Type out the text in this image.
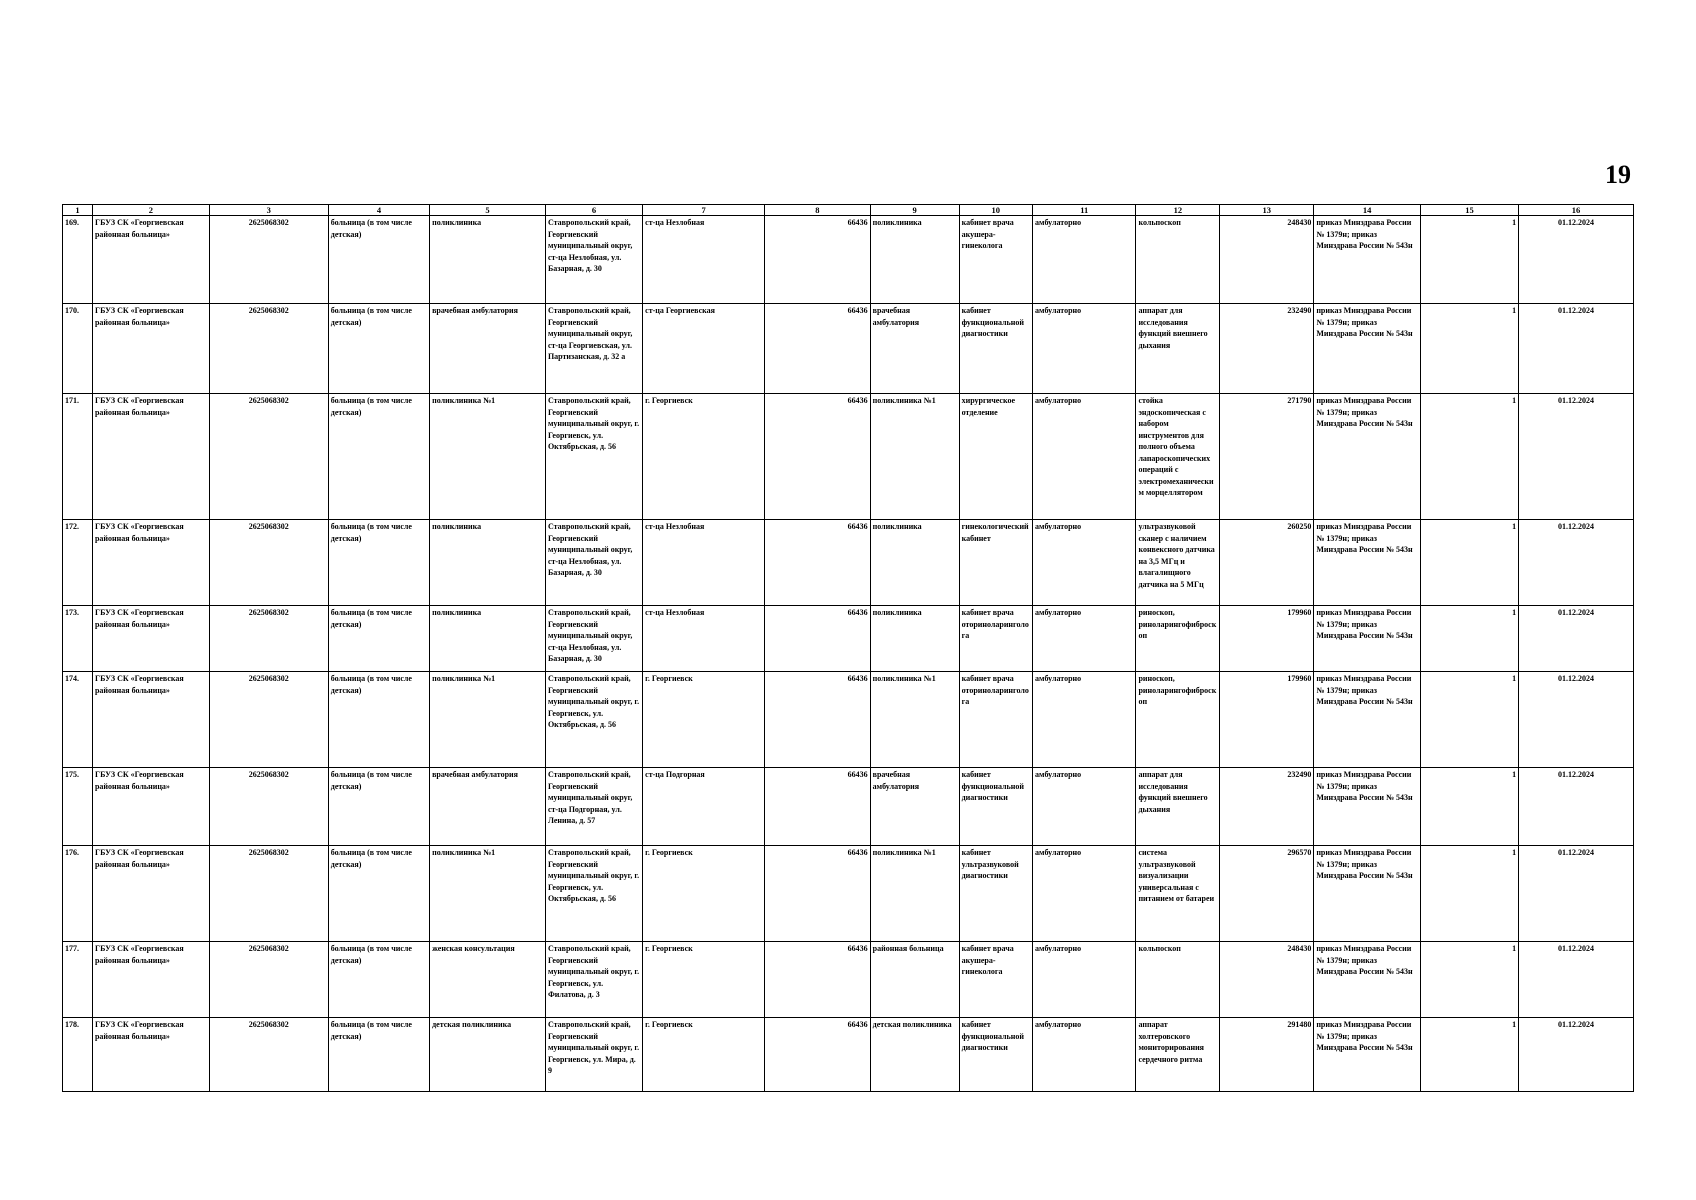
19
1	2	3	4	5	6	7	8	9	10	11	12	13	14	15	16
169.	ГБУЗ СК «Георгиевская районная больница»	2625068302	больница (в том числе детская)	поликлиника	Ставропольский край, Георгиевский муниципальный округ, ст-ца Незлобная, ул. Базарная, д. 30	ст-ца Незлобная	66436	поликлиника	кабинет врача акушера-гинеколога	амбулаторно	кольпоскоп	248430	приказ Минздрава России № 1379н; приказ Минздрава России № 543н	1	01.12.2024
170.	ГБУЗ СК «Георгиевская районная больница»	2625068302	больница (в том числе детская)	врачебная амбулатория	Ставропольский край, Георгиевский муниципальный округ, ст-ца Георгиевская, ул. Партизанская, д. 32 а	ст-ца Георгиевская	66436	врачебная амбулатория	кабинет функциональной диагностики	амбулаторно	аппарат для исследования функций внешнего дыхания	232490	приказ Минздрава России № 1379н; приказ Минздрава России № 543н	1	01.12.2024
171.	ГБУЗ СК «Георгиевская районная больница»	2625068302	больница (в том числе детская)	поликлиника №1	Ставропольский край, Георгиевский муниципальный округ, г. Георгиевск, ул. Октябрьская, д. 56	г. Георгиевск	66436	поликлиника №1	хирургическое отделение	амбулаторно	стойка эндоскопическая с набором инструментов для полного объема лапароскопических операций с электромеханическим морцеллятором	271790	приказ Минздрава России № 1379н; приказ Минздрава России № 543н	1	01.12.2024
172.	ГБУЗ СК «Георгиевская районная больница»	2625068302	больница (в том числе детская)	поликлиника	Ставропольский край, Георгиевский муниципальный округ, ст-ца Незлобная, ул. Базарная, д. 30	ст-ца Незлобная	66436	поликлиника	гинекологический кабинет	амбулаторно	ультразвуковой сканер с наличием конвексного датчика на 3,5 МГц и влагалищного датчика на 5 МГц	260250	приказ Минздрава России № 1379н; приказ Минздрава России № 543н	1	01.12.2024
173.	ГБУЗ СК «Георгиевская районная больница»	2625068302	больница (в том числе детская)	поликлиника	Ставропольский край, Георгиевский муниципальный округ, ст-ца Незлобная, ул. Базарная, д. 30	ст-ца Незлобная	66436	поликлиника	кабинет врача оториноларинголога	амбулаторно	риноскоп, риноларингофиброскоп	179960	приказ Минздрава России № 1379н; приказ Минздрава России № 543н	1	01.12.2024
174.	ГБУЗ СК «Георгиевская районная больница»	2625068302	больница (в том числе детская)	поликлиника №1	Ставропольский край, Георгиевский муниципальный округ, г. Георгиевск, ул. Октябрьская, д. 56	г. Георгиевск	66436	поликлиника №1	кабинет врача оториноларинголога	амбулаторно	риноскоп, риноларингофиброскоп	179960	приказ Минздрава России № 1379н; приказ Минздрава России № 543н	1	01.12.2024
175.	ГБУЗ СК «Георгиевская районная больница»	2625068302	больница (в том числе детская)	врачебная амбулатория	Ставропольский край, Георгиевский муниципальный округ, ст-ца Подгорная, ул. Ленина, д. 57	ст-ца Подгорная	66436	врачебная амбулатория	кабинет функциональной диагностики	амбулаторно	аппарат для исследования функций внешнего дыхания	232490	приказ Минздрава России № 1379н; приказ Минздрава России № 543н	1	01.12.2024
176.	ГБУЗ СК «Георгиевская районная больница»	2625068302	больница (в том числе детская)	поликлиника №1	Ставропольский край, Георгиевский муниципальный округ, г. Георгиевск, ул. Октябрьская, д. 56	г. Георгиевск	66436	поликлиника №1	кабинет ультразвуковой диагностики	амбулаторно	система ультразвуковой визуализации универсальная с питанием от батареи	296570	приказ Минздрава России № 1379н; приказ Минздрава России № 543н	1	01.12.2024
177.	ГБУЗ СК «Георгиевская районная больница»	2625068302	больница (в том числе детская)	женская консультация	Ставропольский край, Георгиевский муниципальный округ, г. Георгиевск, ул. Филатова, д. 3	г. Георгиевск	66436	районная больница	кабинет врача акушера-гинеколога	амбулаторно	кольпоскоп	248430	приказ Минздрава России № 1379н; приказ Минздрава России № 543н	1	01.12.2024
178.	ГБУЗ СК «Георгиевская районная больница»	2625068302	больница (в том числе детская)	детская поликлиника	Ставропольский край, Георгиевский муниципальный округ, г. Георгиевск, ул. Мира, д. 9	г. Георгиевск	66436	детская поликлиника	кабинет функциональной диагностики	амбулаторно	аппарат холтеровского мониторирования сердечного ритма	291480	приказ Минздрава России № 1379н; приказ Минздрава России № 543н	1	01.12.2024
